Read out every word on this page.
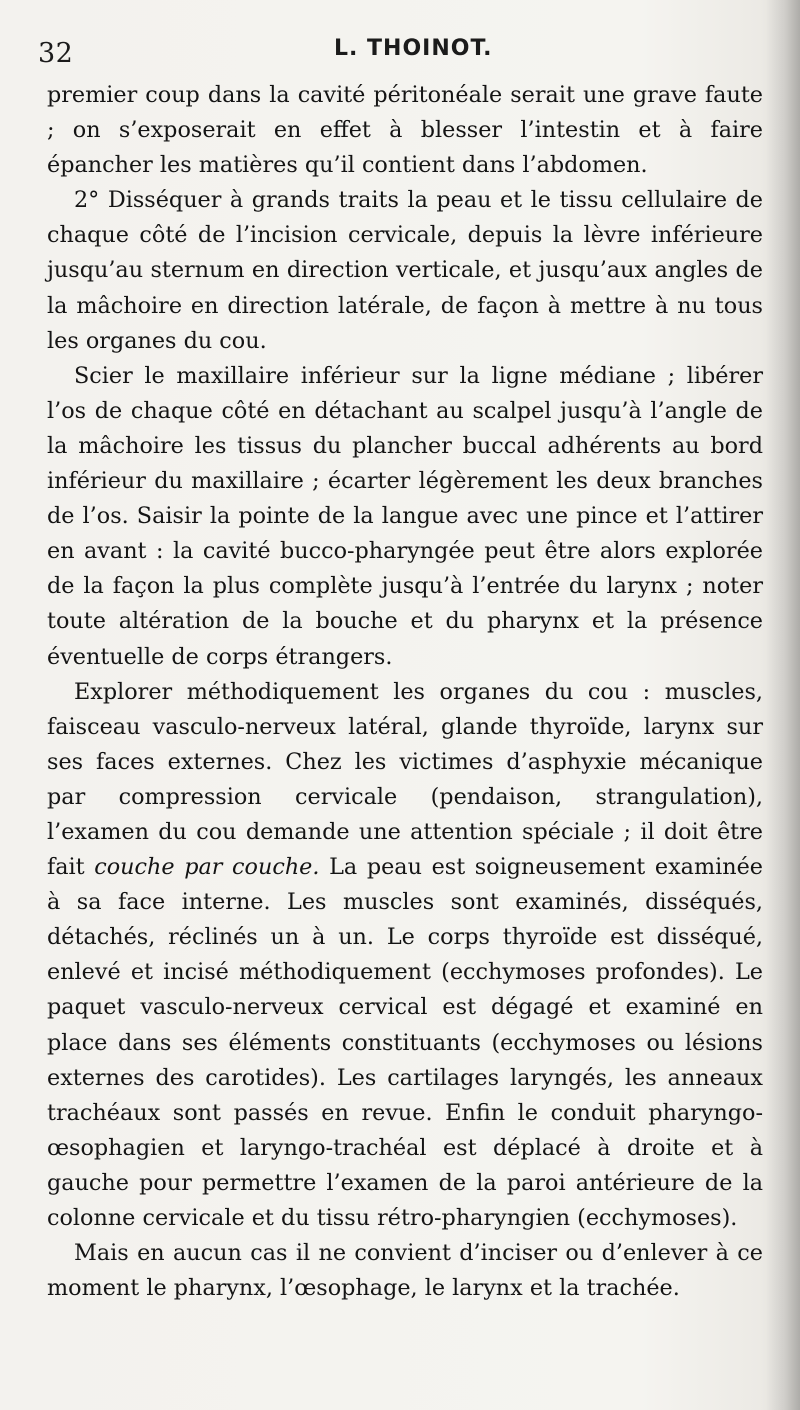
32	L. THOINOT.

premier coup dans la cavité péritonéale serait une grave faute ; on s’exposerait en effet à blesser l’intestin et à faire épancher les matières qu’il contient dans l’abdomen.

2° Disséquer à grands traits la peau et le tissu cellulaire de chaque côté de l’incision cervicale, depuis la lèvre inférieure jusqu’au sternum en direction verticale, et jusqu’aux angles de la mâchoire en direction latérale, de façon à mettre à nu tous les organes du cou.

Scier le maxillaire inférieur sur la ligne médiane ; libérer l’os de chaque côté en détachant au scalpel jusqu’à l’angle de la mâchoire les tissus du plancher buccal adhérents au bord inférieur du maxillaire ; écarter légèrement les deux branches de l’os. Saisir la pointe de la langue avec une pince et l’attirer en avant : la cavité bucco-pharyngée peut être alors explorée de la façon la plus complète jusqu’à l’entrée du larynx ; noter toute altération de la bouche et du pharynx et la présence éventuelle de corps étrangers.

Explorer méthodiquement les organes du cou : muscles, faisceau vasculo-nerveux latéral, glande thyroïde, larynx sur ses faces externes. Chez les victimes d’asphyxie mécanique par compression cervicale (pendaison, strangulation), l’examen du cou demande une attention spéciale ; il doit être fait couche par couche. La peau est soigneusement examinée à sa face interne. Les muscles sont examinés, disséqués, détachés, réclinés un à un. Le corps thyroïde est disséqué, enlevé et incisé méthodiquement (ecchymoses profondes). Le paquet vasculo-nerveux cervical est dégagé et examiné en place dans ses éléments constituants (ecchymoses ou lésions externes des carotides). Les cartilages laryngés, les anneaux trachéaux sont passés en revue. Enfin le conduit pharyngo-œsophagien et laryngo-trachéal est déplacé à droite et à gauche pour permettre l’examen de la paroi antérieure de la colonne cervicale et du tissu rétro-pharyngien (ecchymoses).

Mais en aucun cas il ne convient d’inciser ou d’enlever à ce moment le pharynx, l’œsophage, le larynx et la trachée.
